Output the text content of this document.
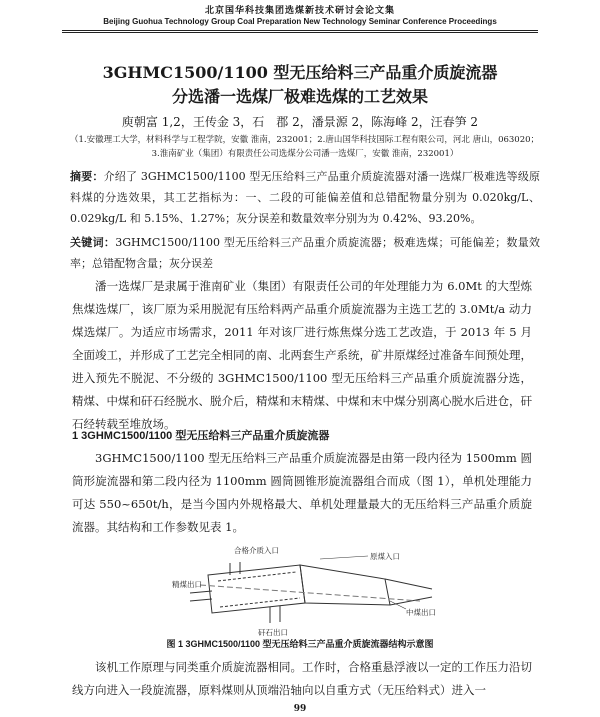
北京国华科技集团选煤新技术研讨会论文集
Beijing Guohua Technology Group Coal Preparation New Technology Seminar Conference Proceedings
3GHMC1500/1100 型无压给料三产品重介质旋流器
分选潘一选煤厂极难选煤的工艺效果
庾朝富 1,2，王传金 3，石　郡 2，潘景源 2，陈海峰 2，汪春笋 2
（1.安徽理工大学，材料科学与工程学院，安徽 淮南，232001；2.唐山国华科技国际工程有限公司，河北 唐山，063020；
3.淮南矿业（集团）有限责任公司选煤分公司潘一选煤厂，安徽 淮南，232001）
摘要：介绍了 3GHMC1500/1100 型无压给料三产品重介质旋流器对潘一选煤厂极难选等级原料煤的分选效果，其工艺指标为：一、二段的可能偏差值和总错配物量分别为 0.020kg/L、0.029kg/L 和 5.15%、1.27%；灰分误差和数量效率分别为为 0.42%、93.20%。
关键词：3GHMC1500/1100 型无压给料三产品重介质旋流器；极难选煤；可能偏差；数量效率；总错配物含量；灰分误差
潘一选煤厂是隶属于淮南矿业（集团）有限责任公司的年处理能力为 6.0Mt 的大型炼焦煤选煤厂，该厂原为采用脱泥有压给料两产品重介质旋流器为主选工艺的 3.0Mt/a 动力煤选煤厂。为适应市场需求，2011 年对该厂进行炼焦煤分选工艺改造，于 2013 年 5 月全面竣工，并形成了工艺完全相同的南、北两套生产系统，矿井原煤经过准备车间预处理，进入预先不脱泥、不分级的 3GHMC1500/1100 型无压给料三产品重介质旋流器分选，精煤、中煤和矸石经脱水、脱介后，精煤和末精煤、中煤和末中煤分别离心脱水后进仓，矸石经转载至堆放场。
1 3GHMC1500/1100 型无压给料三产品重介质旋流器
3GHMC1500/1100 型无压给料三产品重介质旋流器是由第一段内径为 1500mm 圆筒形旋流器和第二段内径为 1100mm 圆筒圆锥形旋流器组合而成（图 1），单机处理能力可达 550~650t/h，是当今国内外规格最大、单机处理量最大的无压给料三产品重介质旋流器。其结构和工作参数见表 1。
合格介质入口
原煤入口
精煤出口
矸石出口
中煤出口
图 1 3GHMC1500/1100 型无压给料三产品重介质旋流器结构示意图
该机工作原理与同类重介质旋流器相同。工作时，合格重悬浮液以一定的工作压力沿切线方向进入一段旋流器，原料煤则从顶端沿轴向以自重方式（无压给料式）进入一
99
